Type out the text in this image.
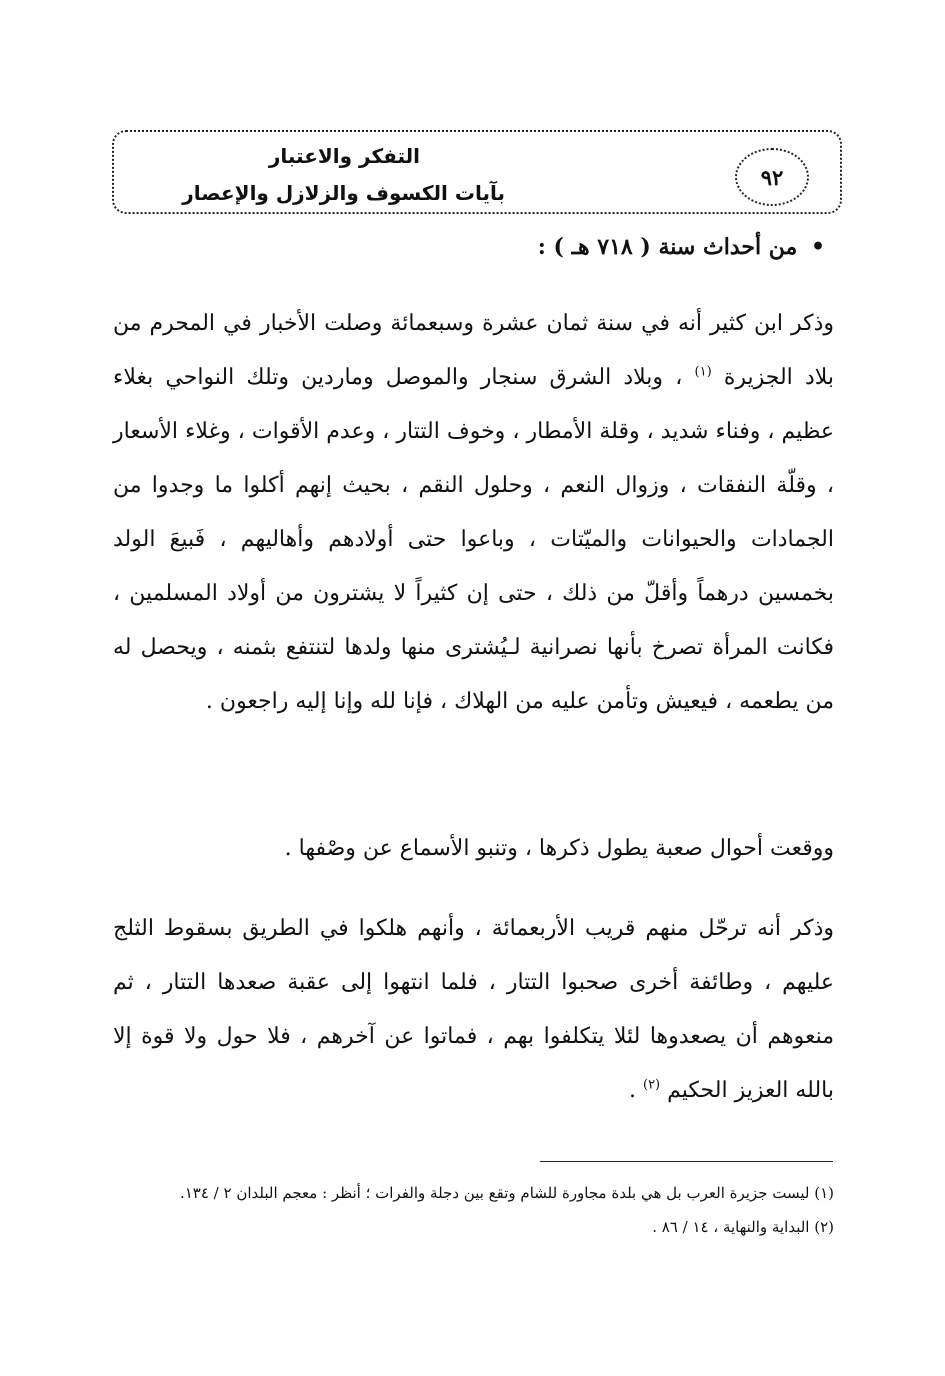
٩٢
التفكر والاعتبار
بآيات الكسوف والزلازل والإعصار
• من أحداث سنة ( ٧١٨ هـ ) :
وذكر ابن كثير أنه في سنة ثمان عشرة وسبعمائة وصلت الأخبار في المحرم من بلاد الجزيرة $^{(١)}$ ، وبلاد الشرق سنجار والموصل وماردين وتلك النواحي بغلاء عظيم ، وفناء شديد ، وقلة الأمطار ، وخوف التتار ، وعدم الأقوات ، وغلاء الأسعار ، وقلّة النفقات ، وزوال النعم ، وحلول النقم ، بحيث إنهم أكلوا ما وجدوا من الجمادات والحيوانات والميّتات ، وباعوا حتى أولادهم وأهاليهم ، فَبيعَ الولد بخمسين درهماً وأقلّ من ذلك ، حتى إن كثيراً لا يشترون من أولاد المسلمين ، فكانت المرأة تصرخ بأنها نصرانية لـيُشترى منها ولدها لتنتفع بثمنه ، ويحصل له من يطعمه ، فيعيش وتأمن عليه من الهلاك ، فإنا لله وإنا إليه راجعون .
ووقعت أحوال صعبة يطول ذكرها ، وتنبو الأسماع عن وصْفها .
وذكر أنه ترحّل منهم قريب الأربعمائة ، وأنهم هلكوا في الطريق بسقوط الثلج عليهم ، وطائفة أخرى صحبوا التتار ، فلما انتهوا إلى عقبة صعدها التتار ، ثم منعوهم أن يصعدوها لئلا يتكلفوا بهم ، فماتوا عن آخرهم ، فلا حول ولا قوة إلا بالله العزيز الحكيم $^{(٢)}$ .
(١) ليست جزيرة العرب بل هي بلدة مجاورة للشام وتقع بين دجلة والفرات ؛ أنظر : معجم البلدان ٢ / ١٣٤.
(٢) البداية والنهاية ، ١٤ / ٨٦ .
